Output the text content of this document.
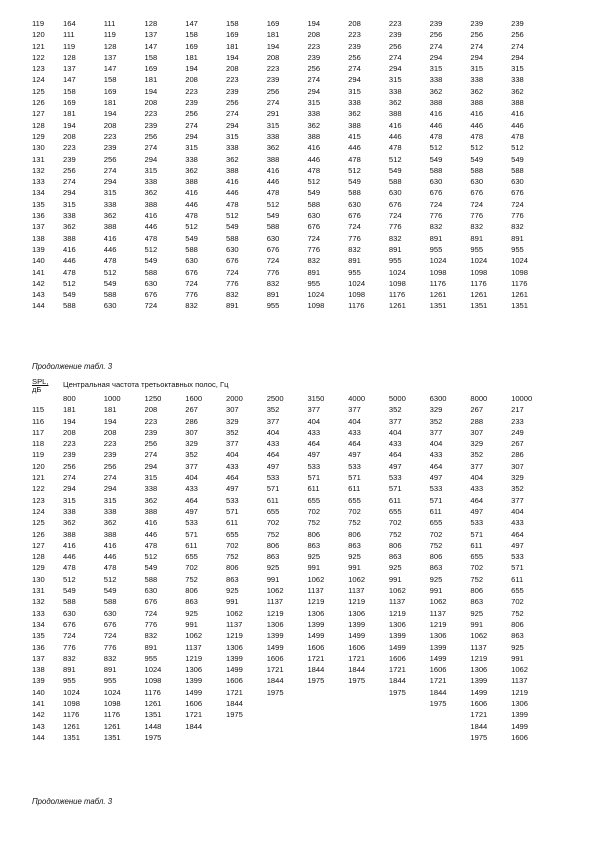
119	164	111	128	147	158	169	194	208	223	239	239	239
120	111	119	137	158	169	181	208	223	239	256	256	256
121	119	128	147	169	181	194	223	239	256	274	274	274
122	128	137	158	181	194	208	239	256	274	294	294	294
123	137	147	169	194	208	223	256	274	294	315	315	315
124	147	158	181	208	223	239	274	294	315	338	338	338
125	158	169	194	223	239	256	294	315	338	362	362	362
126	169	181	208	239	256	274	315	338	362	388	388	388
127	181	194	223	256	274	291	338	362	388	416	416	416
128	194	208	239	274	294	315	362	388	416	446	446	446
129	208	223	256	294	315	338	388	415	446	478	478	478
130	223	239	274	315	338	362	416	446	478	512	512	512
131	239	256	294	338	362	388	446	478	512	549	549	549
132	256	274	315	362	388	416	478	512	549	588	588	588
133	274	294	338	388	416	446	512	549	588	630	630	630
134	294	315	362	416	446	478	549	588	630	676	676	676
135	315	338	388	446	478	512	588	630	676	724	724	724
136	338	362	416	478	512	549	630	676	724	776	776	776
137	362	388	446	512	549	588	676	724	776	832	832	832
138	388	416	478	549	588	630	724	776	832	891	891	891
139	416	446	512	588	630	676	776	832	891	955	955	955
140	446	478	549	630	676	724	832	891	955	1024	1024	1024
141	478	512	588	676	724	776	891	955	1024	1098	1098	1098
142	512	549	630	724	776	832	955	1024	1098	1176	1176	1176
143	549	588	676	776	832	891	1024	1098	1176	1261	1261	1261
144	588	630	724	832	891	955	1098	1176	1261	1351	1351	1351
Продолжение табл. 3
SPL,
дБ
Центральная частота третьоктавных полос, Гц
	800	1000	1250	1600	2000	2500	3150	4000	5000	6300	8000	10000
115	181	181	208	267	307	352	377	377	352	329	267	217
116	194	194	223	286	329	377	404	404	377	352	288	233
117	208	208	239	307	352	404	433	433	404	377	307	249
118	223	223	256	329	377	433	464	464	433	404	329	267
119	239	239	274	352	404	464	497	497	464	433	352	286
120	256	256	294	377	433	497	533	533	497	464	377	307
121	274	274	315	404	464	533	571	571	533	497	404	329
122	294	294	338	433	497	571	611	611	571	533	433	352
123	315	315	362	464	533	611	655	655	611	571	464	377
124	338	338	388	497	571	655	702	702	655	611	497	404
125	362	362	416	533	611	702	752	752	702	655	533	433
126	388	388	446	571	655	752	806	806	752	702	571	464
127	416	416	478	611	702	806	863	863	806	752	611	497
128	446	446	512	655	752	863	925	925	863	806	655	533
129	478	478	549	702	806	925	991	991	925	863	702	571
130	512	512	588	752	863	991	1062	1062	991	925	752	611
131	549	549	630	806	925	1062	1137	1137	1062	991	806	655
132	588	588	676	863	991	1137	1219	1219	1137	1062	863	702
133	630	630	724	925	1062	1219	1306	1306	1219	1137	925	752
134	676	676	776	991	1137	1306	1399	1399	1306	1219	991	806
135	724	724	832	1062	1219	1399	1499	1499	1399	1306	1062	863
136	776	776	891	1137	1306	1499	1606	1606	1499	1399	1137	925
137	832	832	955	1219	1399	1606	1721	1721	1606	1499	1219	991
138	891	891	1024	1306	1499	1721	1844	1844	1721	1606	1306	1062
139	955	955	1098	1399	1606	1844	1975	1975	1844	1721	1399	1137
140	1024	1024	1176	1499	1721	1975			1975	1844	1499	1219
141	1098	1098	1261	1606	1844					1975	1606	1306
142	1176	1176	1351	1721	1975						1721	1399
143	1261	1261	1448	1844							1844	1499
144	1351	1351	1975								1975	1606
Продолжение табл. 3
